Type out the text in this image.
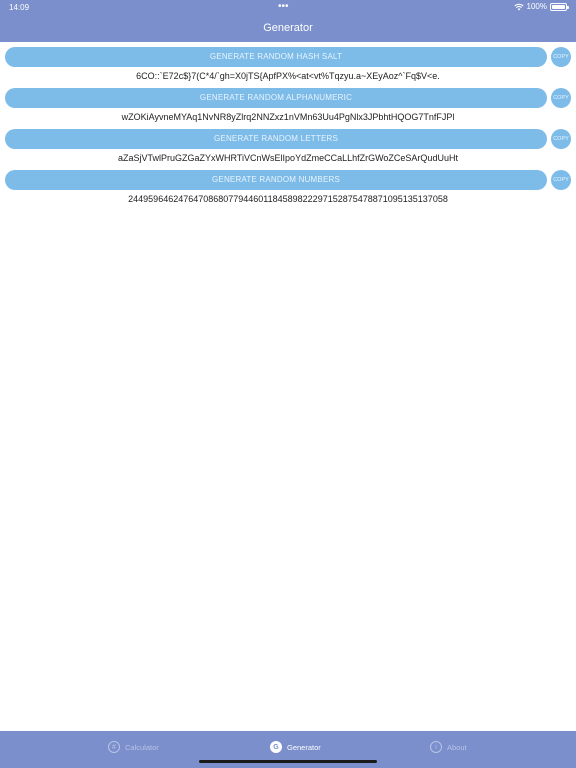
14:09	•••	100%
Generator
GENERATE RANDOM HASH SALT	COPY
6CO::`E72c$}7(C*4/`gh=X0jTS{ApfPX%<at<vt%Tqzyu.a~XEyAoz^`Fq$V<e.
GENERATE RANDOM ALPHANUMERIC	COPY
wZOKiAyvneMYAq1NvNR8yZlrq2NNZxz1nVMn63Uu4PgNlx3JPbhtHQOG7TnfFJPl
GENERATE RANDOM LETTERS	COPY
aZaSjVTwlPruGZGaZYxWHRTiVCnWsElIpoYdZmeCCaLLhfZrGWoZCeSArQudUuHt
GENERATE RANDOM NUMBERS	COPY
2449596462476470868077944601184589822297152875478871095135137058
#	Calculator	G	Generator	i	About
